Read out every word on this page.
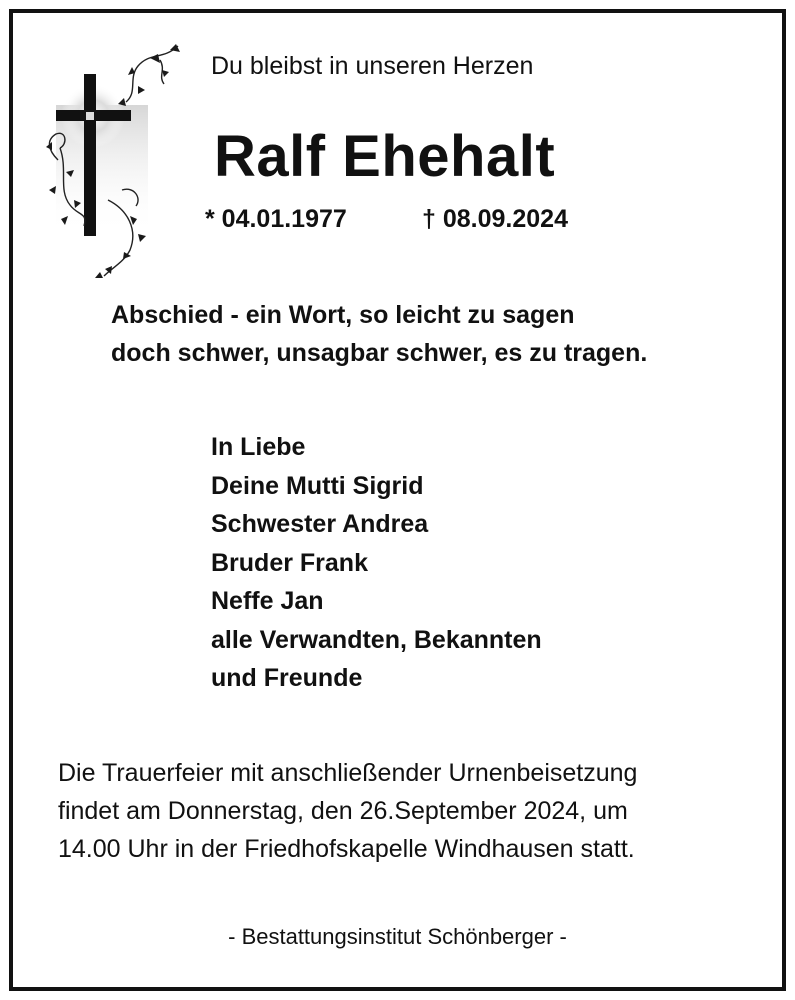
Du bleibst in unseren Herzen
Ralf Ehehalt
* 04.01.1977	† 08.09.2024
Abschied - ein Wort, so leicht zu sagen
doch schwer, unsagbar schwer, es zu tragen.
In Liebe
Deine Mutti Sigrid
Schwester Andrea
Bruder Frank
Neffe Jan
alle Verwandten, Bekannten
und Freunde
Die Trauerfeier mit anschließender Urnenbeisetzung
findet am Donnerstag, den 26.September 2024, um
14.00 Uhr in der Friedhofskapelle Windhausen statt.
- Bestattungsinstitut Schönberger -
